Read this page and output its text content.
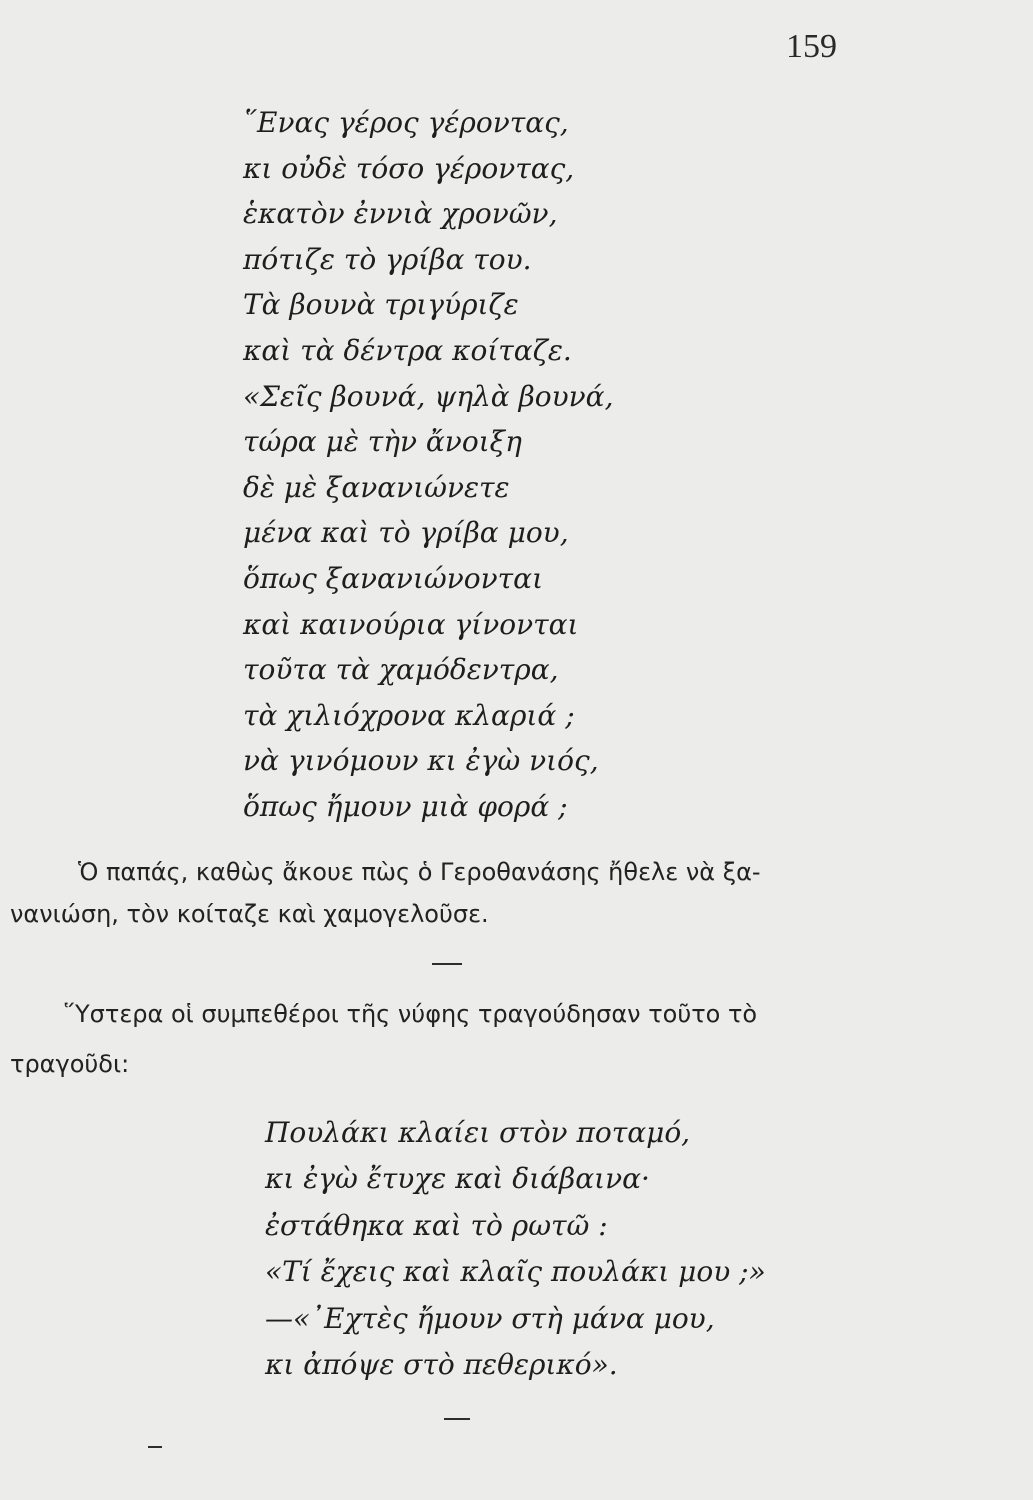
159
῞Ενας γέρος γέροντας,
κι οὐδὲ τόσο γέροντας,
ἑκατὸν ἐννιὰ χρονῶν,
πότιζε τὸ γρίβα του.
Τὰ βουνὰ τριγύριζε
καὶ τὰ δέντρα κοίταζε.
«Σεῖς βουνά, ψηλὰ βουνά,
τώρα μὲ τὴν ἄνοιξη
δὲ μὲ ξανανιώνετε
μένα καὶ τὸ γρίβα μου,
ὅπως ξανανιώνονται
καὶ καινούρια γίνονται
τοῦτα τὰ χαμόδεντρα,
τὰ χιλιόχρονα κλαριά ;
νὰ γινόμουν κι ἐγὼ νιός,
ὅπως ἤμουν μιὰ φορά ;

Ὁ παπάς, καθὼς ἄκουε πὼς ὁ Γεροθανάσης ἤθελε νὰ ξα-

νανιώση, τὸν κοίταζε καὶ χαμογελοῦσε.

῞Υστερα οἱ συμπεθέροι τῆς νύφης τραγούδησαν τοῦτο τὸ

τραγοῦδι:

Πουλάκι κλαίει στὸν ποταμό,
κι ἐγὼ ἔτυχε καὶ διάβαινα·
ἐστάθηκα καὶ τὸ ρωτῶ :
«Τί ἔχεις καὶ κλαῖς πουλάκι μου ;»
—«᾿Εχτὲς ἤμουν στὴ μάνα μου,
κι ἀπόψε στὸ πεθερικό».
